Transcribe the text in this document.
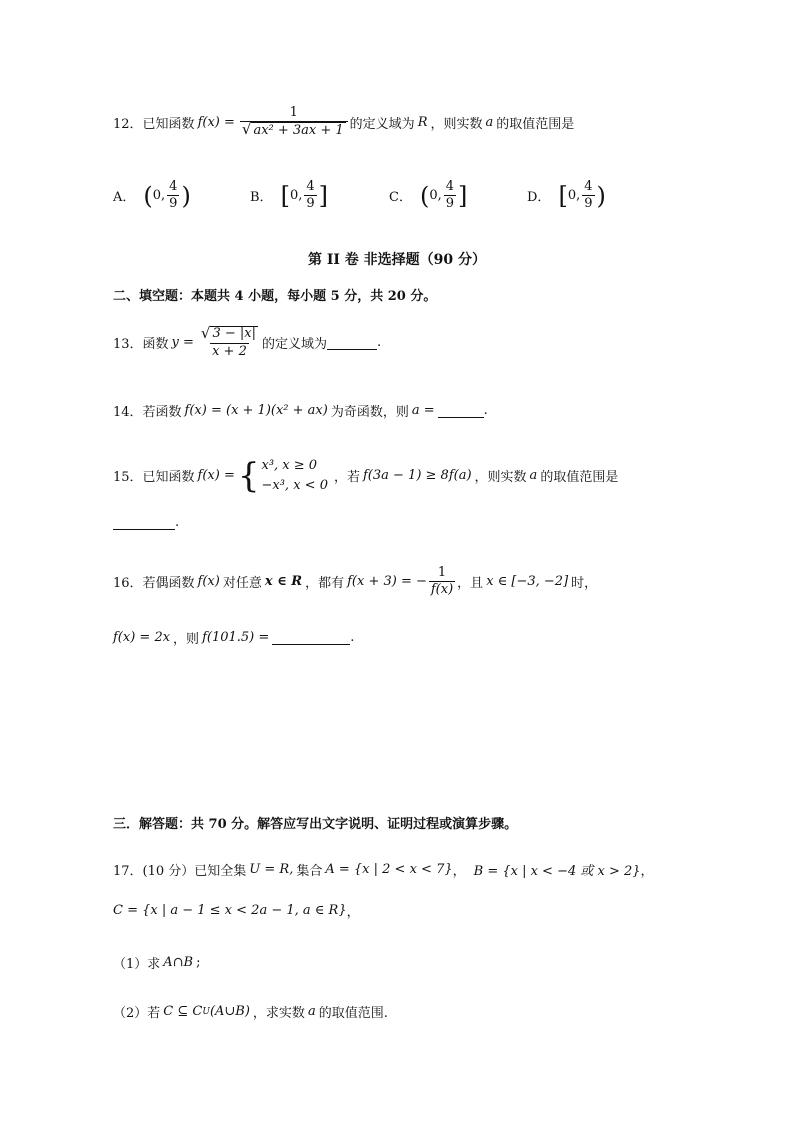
12． 已知函数 $f(x) = \frac{1}{\text{√ ax² + 3ax + 1}}$ 的定义域为 R ，则实数 a 的取值范围是
A． ( 0, $\frac{4}{9}$ )	B． [ 0, $\frac{4}{9}$ ]	C． ( 0, $\frac{4}{9}$ ]	D． [ 0, $\frac{4}{9}$ )
第 II 卷 非选择题（90 分）
二、填空题：本题共 4 小题，每小题 5 分，共 20 分。
13．函数 $y = \frac{√ 3 - |x|}{x + 2}$ 的定义域为	.
14．若函数 f(x) = (x + 1)(x² + ax) 为奇函数，则 a =	.
15．已知函数 f(x) = { x³, x ≥ 0
−x³, x < 0 ，若 f(3a − 1) ≥ 8f(a) ，则实数 a 的取值范围是
.
16．若偶函数 f(x) 对任意 x ∈ R ，都有 f(x + 3) = − $\frac{1}{f(x)}$ ，且 x ∈ [−3, −2] 时，
f(x) = 2x ，则 f(101.5) =	.
三．解答题：共 70 分。解答应写出文字说明、证明过程或演算步骤。
17．(10 分）已知全集 U = R, 集合 A = {x | 2 < x < 7} ， B = {x | x < −4 或 x > 2} ，
C = {x | a − 1 ≤ x < 2a − 1, a ∈ R} ，
（1）求 A∩B ;
（2）若 C ⊆ C U (A∪B) ，求实数 a 的取值范围.
